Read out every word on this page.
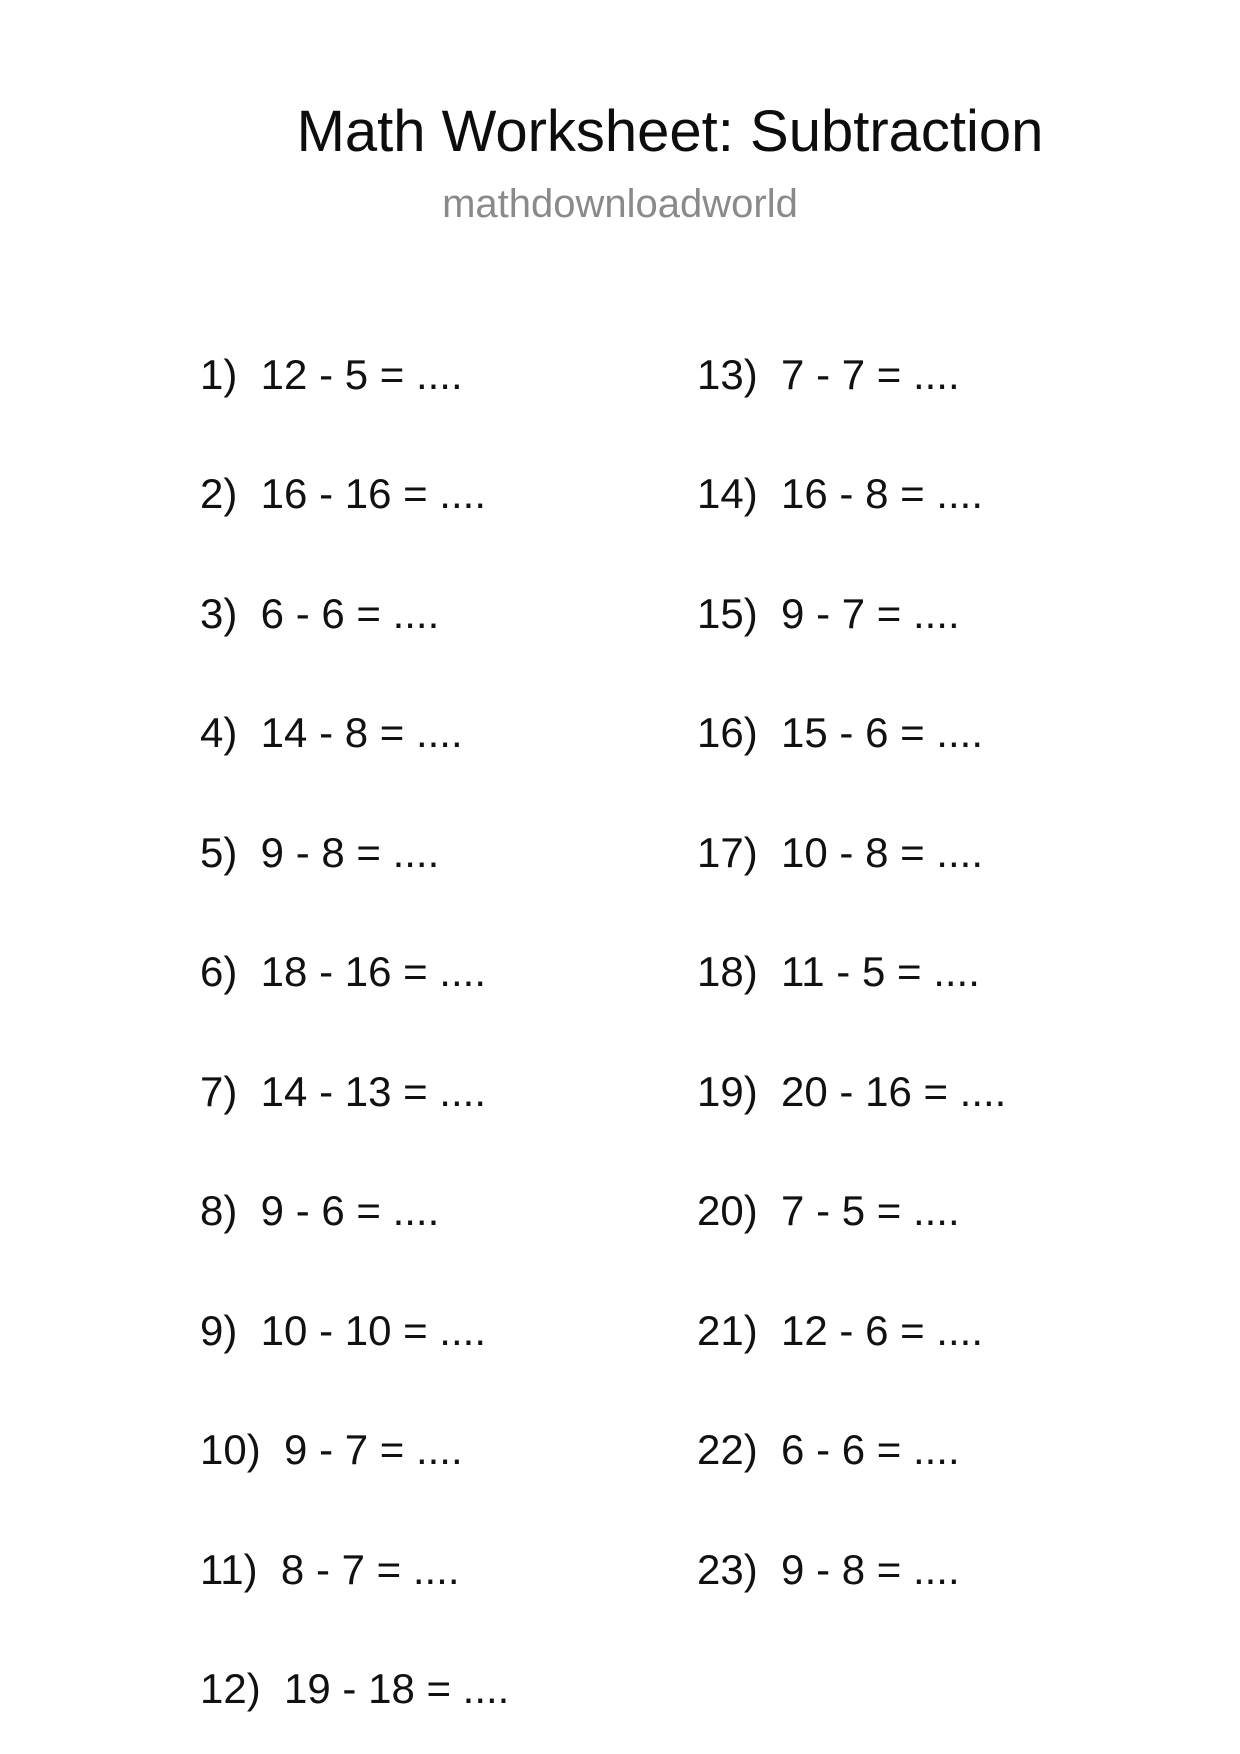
Math Worksheet: Subtraction
mathdownloadworld
1)  12 - 5 = ....
2)  16 - 16 = ....
3)  6 - 6 = ....
4)  14 - 8 = ....
5)  9 - 8 = ....
6)  18 - 16 = ....
7)  14 - 13 = ....
8)  9 - 6 = ....
9)  10 - 10 = ....
10)  9 - 7 = ....
11)  8 - 7 = ....
12)  19 - 18 = ....
13)  7 - 7 = ....
14)  16 - 8 = ....
15)  9 - 7 = ....
16)  15 - 6 = ....
17)  10 - 8 = ....
18)  11 - 5 = ....
19)  20 - 16 = ....
20)  7 - 5 = ....
21)  12 - 6 = ....
22)  6 - 6 = ....
23)  9 - 8 = ....
